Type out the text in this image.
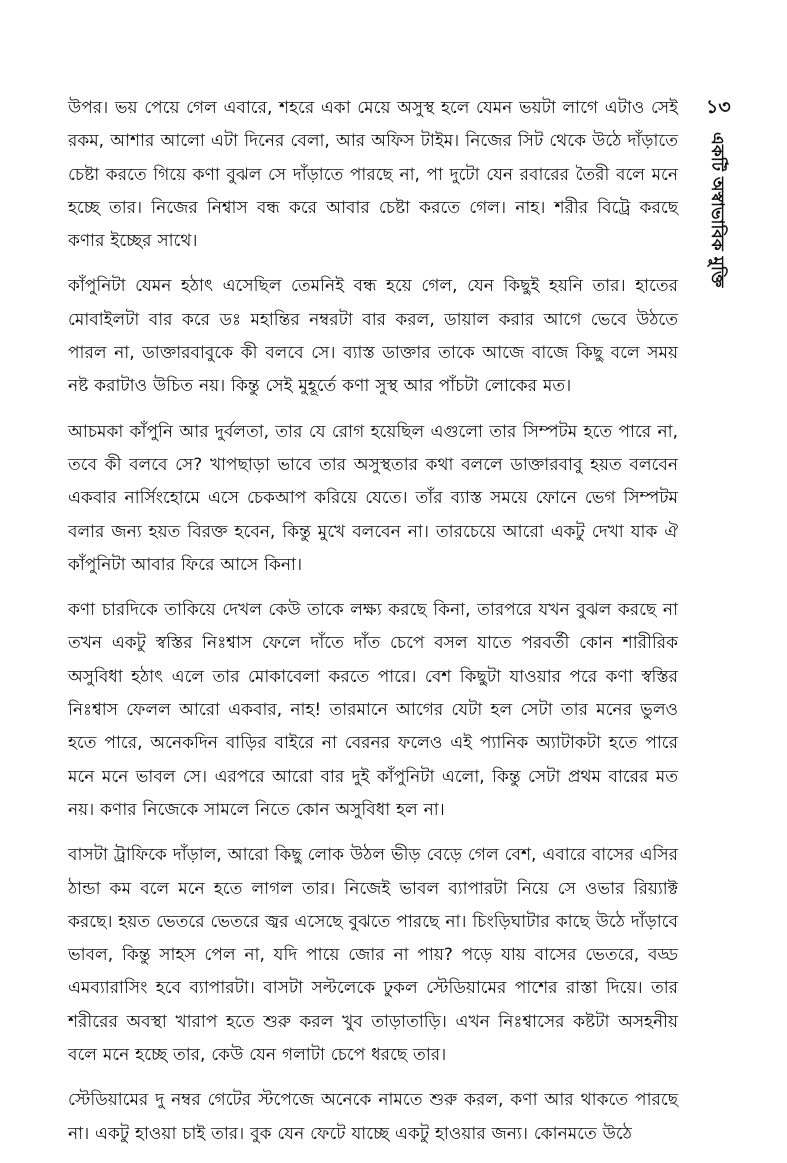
উপর। ভয় পেয়ে গেল এবারে, শহরে একা মেয়ে অসুস্থ হলে যেমন ভয়টা লাগে এটাও সেই রকম, আশার আলো এটা দিনের বেলা, আর অফিস টাইম। নিজের সিট থেকে উঠে দাঁড়াতে চেষ্টা করতে গিয়ে কণা বুঝল সে দাঁড়াতে পারছে না, পা দুটো যেন রবারের তৈরী বলে মনে হচ্ছে তার। নিজের নিশ্বাস বন্ধ করে আবার চেষ্টা করতে গেল। নাহ। শরীর বিট্রে করছে কণার ইচ্ছের সাথে।

কাঁপুনিটা যেমন হঠাৎ এসেছিল তেমনিই বন্ধ হয়ে গেল, যেন কিছুই হয়নি তার। হাতের মোবাইলটা বার করে ডঃ মহান্তির নম্বরটা বার করল, ডায়াল করার আগে ভেবে উঠতে পারল না, ডাক্তারবাবুকে কী বলবে সে। ব্যাস্ত ডাক্তার তাকে আজে বাজে কিছু বলে সময় নষ্ট করাটাও উচিত নয়। কিন্তু সেই মুহূর্তে কণা সুস্থ আর পাঁচটা লোকের মত।

আচমকা কাঁপুনি আর দুর্বলতা, তার যে রোগ হয়েছিল এগুলো তার সিম্পটম হতে পারে না, তবে কী বলবে সে? খাপছাড়া ভাবে তার অসুস্থতার কথা বললে ডাক্তারবাবু হয়ত বলবেন একবার নার্সিংহোমে এসে চেকআপ করিয়ে যেতে। তাঁর ব্যাস্ত সময়ে ফোনে ভেগ সিম্পটম বলার জন্য হয়ত বিরক্ত হবেন, কিন্তু মুখে বলবেন না। তারচেয়ে আরো একটু দেখা যাক ঐ কাঁপুনিটা আবার ফিরে আসে কিনা।

কণা চারদিকে তাকিয়ে দেখল কেউ তাকে লক্ষ্য করছে কিনা, তারপরে যখন বুঝল করছে না তখন একটু স্বস্তির নিঃশ্বাস ফেলে দাঁতে দাঁত চেপে বসল যাতে পরবর্তী কোন শারীরিক অসুবিধা হঠাৎ এলে তার মোকাবেলা করতে পারে। বেশ কিছুটা যাওয়ার পরে কণা স্বস্তির নিঃশ্বাস ফেলল আরো একবার, নাহ! তারমানে আগের যেটা হল সেটা তার মনের ভুলও হতে পারে, অনেকদিন বাড়ির বাইরে না বেরনর ফলেও এই প্যানিক অ্যাটাকটা হতে পারে মনে মনে ভাবল সে। এরপরে আরো বার দুই কাঁপুনিটা এলো, কিন্তু সেটা প্রথম বারের মত নয়। কণার নিজেকে সামলে নিতে কোন অসুবিধা হল না।

বাসটা ট্রাফিকে দাঁড়াল, আরো কিছু লোক উঠল ভীড় বেড়ে গেল বেশ, এবারে বাসের এসির ঠান্ডা কম বলে মনে হতে লাগল তার। নিজেই ভাবল ব্যাপারটা নিয়ে সে ওভার রিয়্যাক্ট করছে। হয়ত ভেতরে ভেতরে জ্বর এসেছে বুঝতে পারছে না। চিংড়িঘাটার কাছে উঠে দাঁড়াবে ভাবল, কিন্তু সাহস পেল না, যদি পায়ে জোর না পায়? পড়ে যায় বাসের ভেতরে, বড্ড এমব্যারাসিং হবে ব্যাপারটা। বাসটা সল্টলেকে ঢুকল স্টেডিয়ামের পাশের রাস্তা দিয়ে। তার শরীরের অবস্থা খারাপ হতে শুরু করল খুব তাড়াতাড়ি। এখন নিঃশ্বাসের কষ্টটা অসহনীয় বলে মনে হচ্ছে তার, কেউ যেন গলাটা চেপে ধরছে তার।

স্টেডিয়ামের দু নম্বর গেটের স্টপেজে অনেকে নামতে শুরু করল, কণা আর থাকতে পারছে না। একটু হাওয়া চাই তার। বুক যেন ফেটে যাচ্ছে একটু হাওয়ার জন্য। কোনমতে উঠে

১৩
একটি অস্বাভাবিক মুক্তি
